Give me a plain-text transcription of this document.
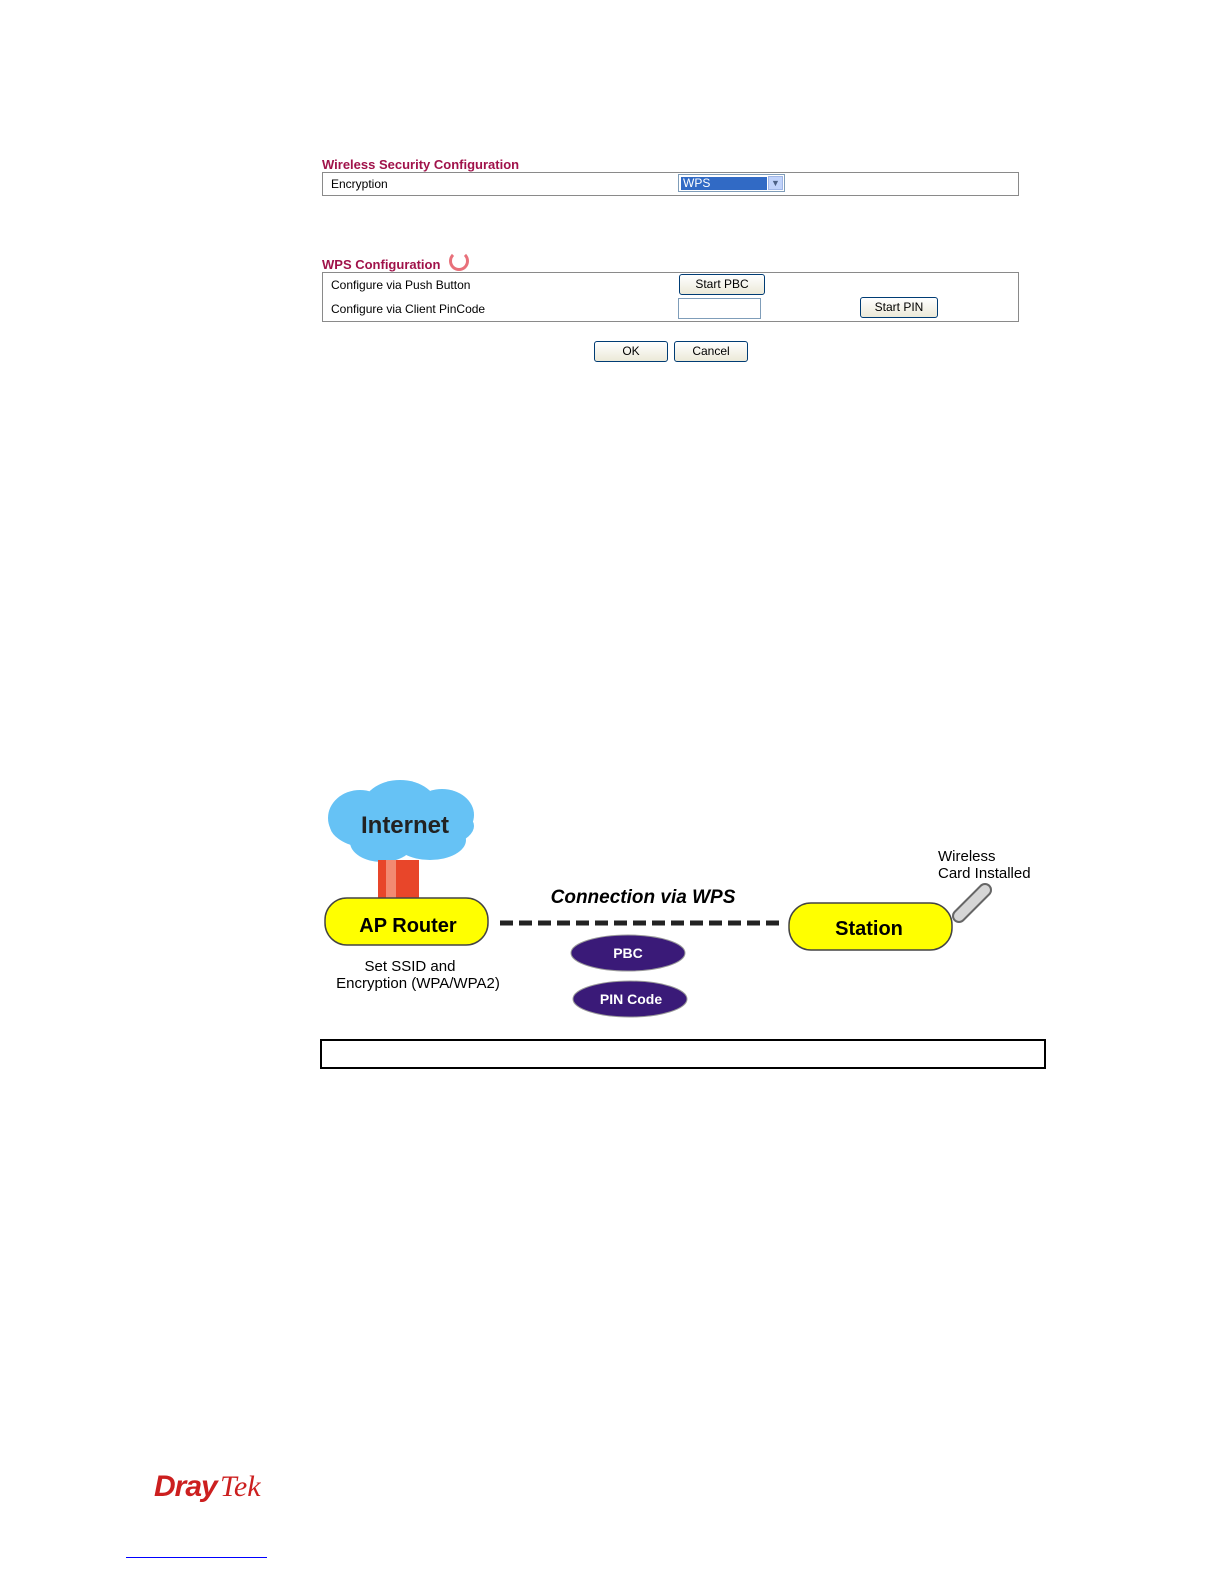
Wireless Security Configuration
Encryption	WPS	▼
WPS Configuration
Configure via Push Button	Start PBC
Configure via Client PinCode	Start PIN
OK	Cancel
Internet
AP Router
Set SSID and
Encryption (WPA/WPA2)
Connection via WPS
PBC
PIN Code
Station
Wireless
Card Installed
Dray Tek
